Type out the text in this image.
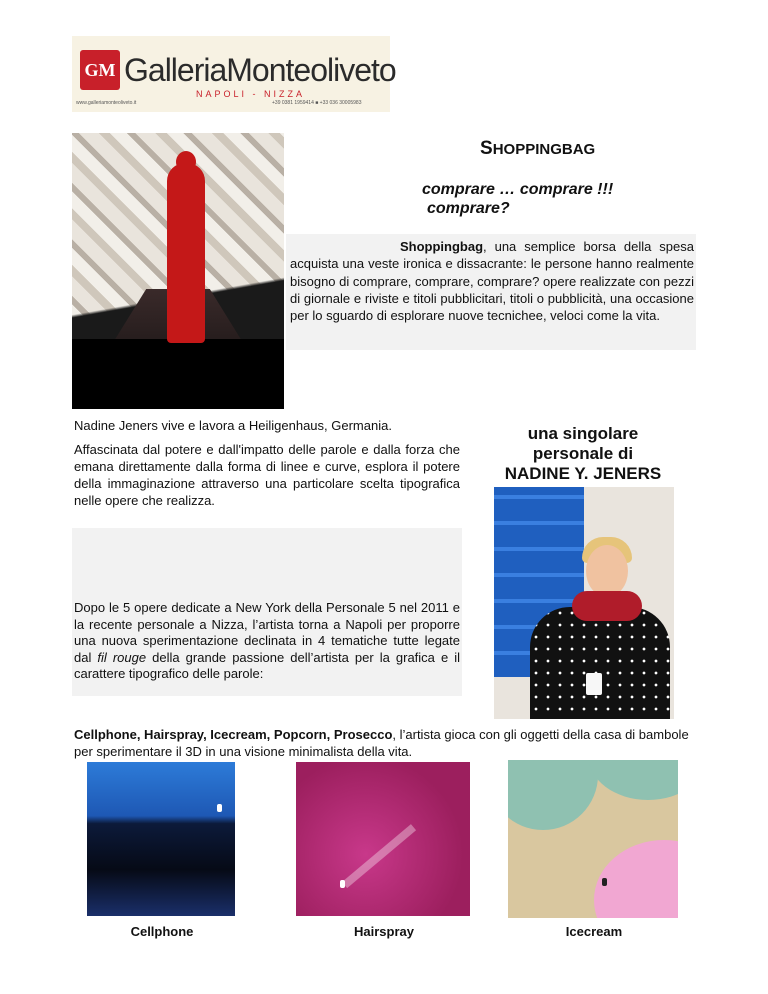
GM GalleriaMonteoliveto
NAPOLI - NIZZA
www.galleriamonteoliveto.it	+39 0381 1959414 ■ +33 036 30005983
SHOPPINGBAG
comprare … comprare !!!
comprare?
Shoppingbag, una semplice borsa della spesa acquista una veste ironica e dissacrante: le persone hanno realmente bisogno di comprare, comprare, comprare? opere realizzate con pezzi di giornale e riviste e titoli pubblicitari, titoli o pubblicità, una occasione per lo sguardo di esplorare nuove tecnichee, veloci come la vita.
Nadine Jeners vive e lavora a Heiligenhaus, Germania.
Affascinata dal potere e dall'impatto delle parole e dalla forza che emana direttamente dalla forma di linee e curve, esplora il potere della immaginazione attraverso una particolare scelta tipografica nelle opere che realizza.
Dopo le 5 opere dedicate a New York della Personale 5 nel 2011 e la recente personale a Nizza, l’artista torna a Napoli per proporre una nuova sperimentazione declinata in 4 tematiche tutte legate dal fil rouge della grande passione dell’artista per la grafica e il carattere tipografico delle parole:
una singolare
personale di
NADINE Y. JENERS
Cellphone, Hairspray, Icecream, Popcorn, Prosecco, l’artista gioca con gli oggetti della casa di bambole per sperimentare il 3D in una visione minimalista della vita.
Cellphone	Hairspray	Icecream
